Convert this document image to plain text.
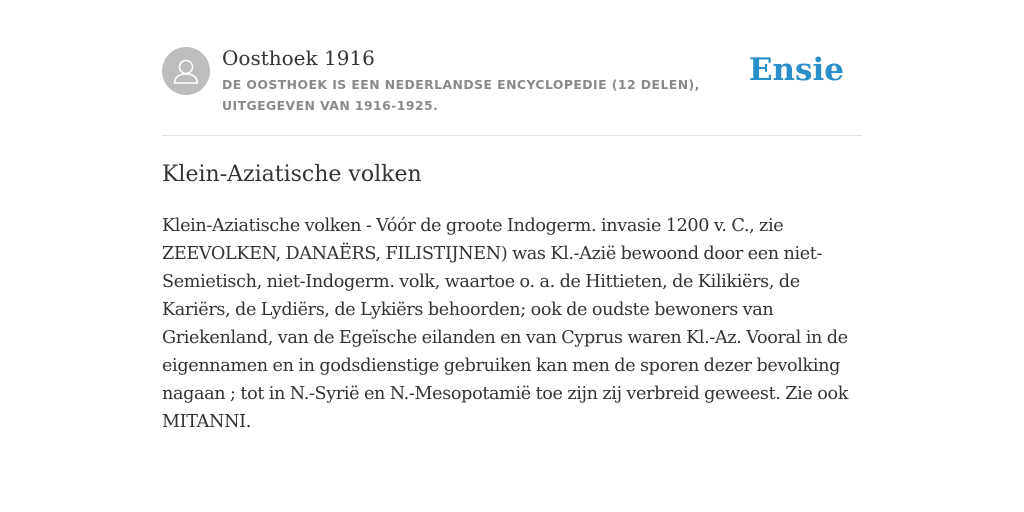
Oosthoek 1916
DE OOSTHOEK IS EEN NEDERLANDSE ENCYCLOPEDIE (12 DELEN), UITGEGEVEN VAN 1916-1925.
Ensie
Klein-Aziatische volken

Klein-Aziatische volken - Vóór de groote Indogerm. invasie 1200 v. C., zie ZEEVOLKEN, DANAËRS, FILISTIJNEN) was Kl.-Azië bewoond door een niet-Semietisch, niet-Indogerm. volk, waartoe o. a. de Hittieten, de Kilikiërs, de Kariërs, de Lydiërs, de Lykiërs behoorden; ook de oudste bewoners van Griekenland, van de Egeïsche eilanden en van Cyprus waren Kl.-Az. Vooral in de eigennamen en in godsdienstige gebruiken kan men de sporen dezer bevolking nagaan ; tot in N.-Syrië en N.-Mesopotamië toe zijn zij verbreid geweest. Zie ook MITANNI.
